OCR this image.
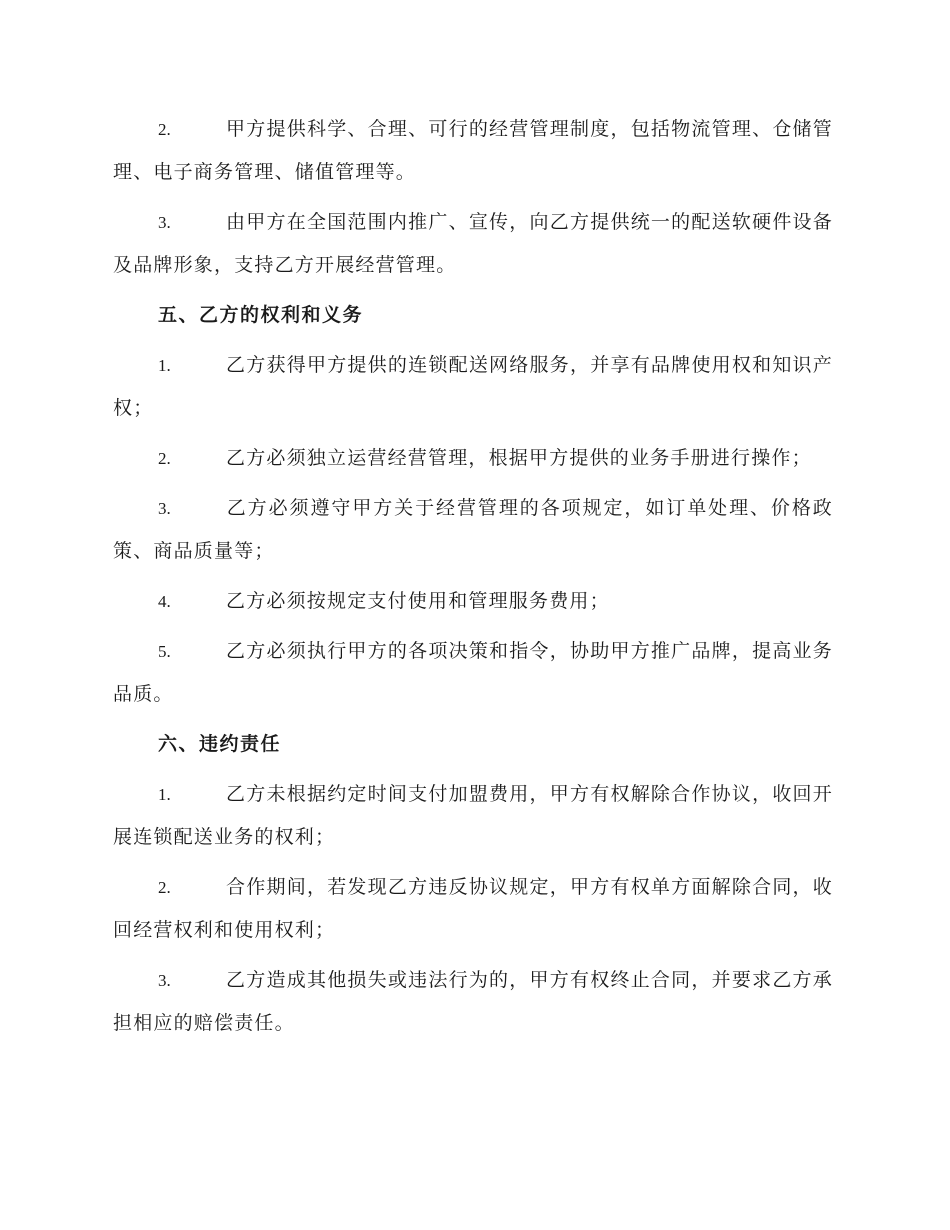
2.	甲方提供科学、合理、可行的经营管理制度，包括物流管理、仓储管理、电子商务管理、储值管理等。

3.	由甲方在全国范围内推广、宣传，向乙方提供统一的配送软硬件设备及品牌形象，支持乙方开展经营管理。

五、乙方的权利和义务

1.	乙方获得甲方提供的连锁配送网络服务，并享有品牌使用权和知识产权；

2.	乙方必须独立运营经营管理，根据甲方提供的业务手册进行操作；

3.	乙方必须遵守甲方关于经营管理的各项规定，如订单处理、价格政策、商品质量等；

4.	乙方必须按规定支付使用和管理服务费用；

5.	乙方必须执行甲方的各项决策和指令，协助甲方推广品牌，提高业务品质。

六、违约责任

1.	乙方未根据约定时间支付加盟费用，甲方有权解除合作协议，收回开展连锁配送业务的权利；

2.	合作期间，若发现乙方违反协议规定，甲方有权单方面解除合同，收回经营权利和使用权利；

3.	乙方造成其他损失或违法行为的，甲方有权终止合同，并要求乙方承担相应的赔偿责任。
